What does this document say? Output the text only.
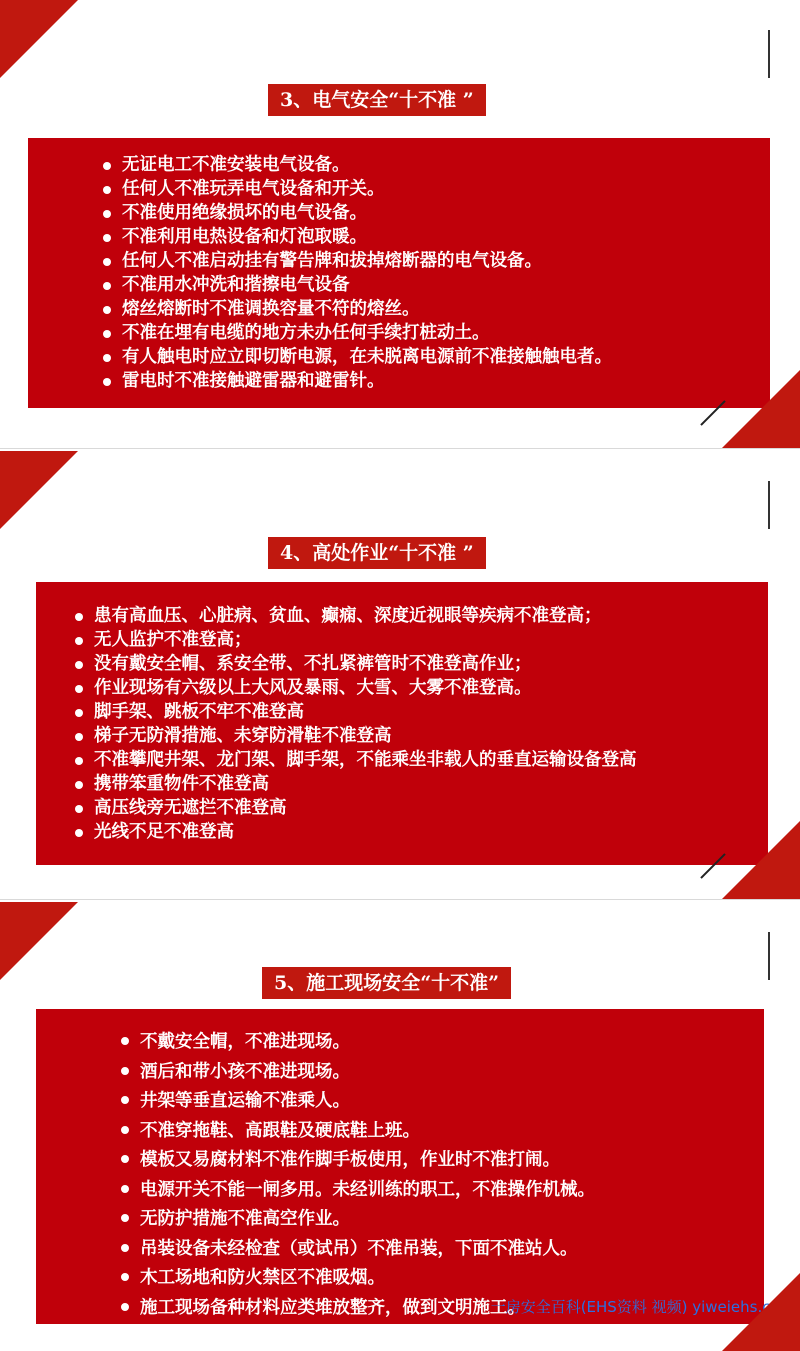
3、电气安全“十不准 ”
无证电工不准安装电气设备。
任何人不准玩弄电气设备和开关。
不准使用绝缘损坏的电气设备。
不准利用电热设备和灯泡取暖。
任何人不准启动挂有警告牌和拔掉熔断器的电气设备。
不准用水冲洗和揩擦电气设备
熔丝熔断时不准调换容量不符的熔丝。
不准在埋有电缆的地方未办任何手续打桩动土。
有人触电时应立即切断电源，在未脱离电源前不准接触触电者。
雷电时不准接触避雷器和避雷针。
4、高处作业“十不准 ”
患有高血压、心脏病、贫血、癫痫、深度近视眼等疾病不准登高；
无人监护不准登高；
没有戴安全帽、系安全带、不扎紧裤管时不准登高作业；
作业现场有六级以上大风及暴雨、大雪、大雾不准登高。
脚手架、跳板不牢不准登高
梯子无防滑措施、未穿防滑鞋不准登高
不准攀爬井架、龙门架、脚手架，不能乘坐非载人的垂直运输设备登高
携带笨重物件不准登高
高压线旁无遮拦不准登高
光线不足不准登高
5、施工现场安全“十不准”
不戴安全帽，不准进现场。
酒后和带小孩不准进现场。
井架等垂直运输不准乘人。
不准穿拖鞋、高跟鞋及硬底鞋上班。
模板又易腐材料不准作脚手板使用，作业时不准打闹。
电源开关不能一闸多用。未经训练的职工，不准操作机械。
无防护措施不准高空作业。
吊装设备未经检查（或试吊）不准吊装，下面不准站人。
木工场地和防火禁区不准吸烟。
施工现场备种材料应类堆放整齐，做到文明施工。
一房安全百科(EHS资料 视频) yiweiehs.cn
